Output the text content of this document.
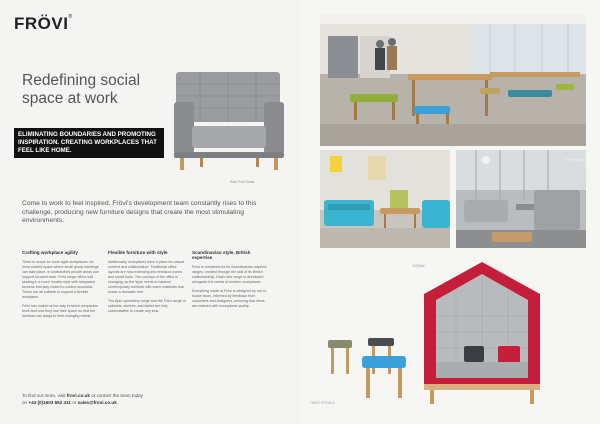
FRÖVI®
Redefining social space at work
ELIMINATING BOUNDARIES AND PROMOTING INSPIRATION. CREATING WORKPLACES THAT FEEL LIKE HOME.
Rolo Pod Sofas
Come to work to feel inspired. Frövi's development team constantly rises to this challenge, producing new furniture designs that create the most stimulating environments.
Crafting workplace agility

There is scope for more agile workplaces, for more shared space where small group meetings can take place, or undisturbed private areas can support focused work. Frövi range offers soft seating in a more homely style with integrated screens that stay closed to control acoustics. These are all suitable to support a flexible workplace.

Frövi has looked at the way in which companies work and how they use their space so that the furniture can adapt to their changing needs.

Flexible furniture with style

Additionally, workplaces have a place for casual comfort and collaboration. Traditional office layouts are now extending into breakout zones and social hubs. The concept of the office is changing, so the style needs to balance contemporary furniture with warm materials that evoke a domestic feel.

The Ajax upholstery range and the Frövi range of cabinets, shelves, and tables are fully customisable to create any look.

Scandinavian style, British expertise

Frövi is renowned for its Scandinavian-inspired ranges, created through the skill of its British craftsmanship. Each new range is developed alongside the needs of modern workplaces.

Everything made at Frövi is designed by our in-house team, informed by feedback from customers and designers, ensuring that ideas are realised with exceptional quality.

To find out more, visit frovi.co.uk or contact the team today
on +44 (0)1603 652 411 or sales@frovi.co.uk
Rolo Pod Sofas
JIGSAW
TWIST STOOLS
